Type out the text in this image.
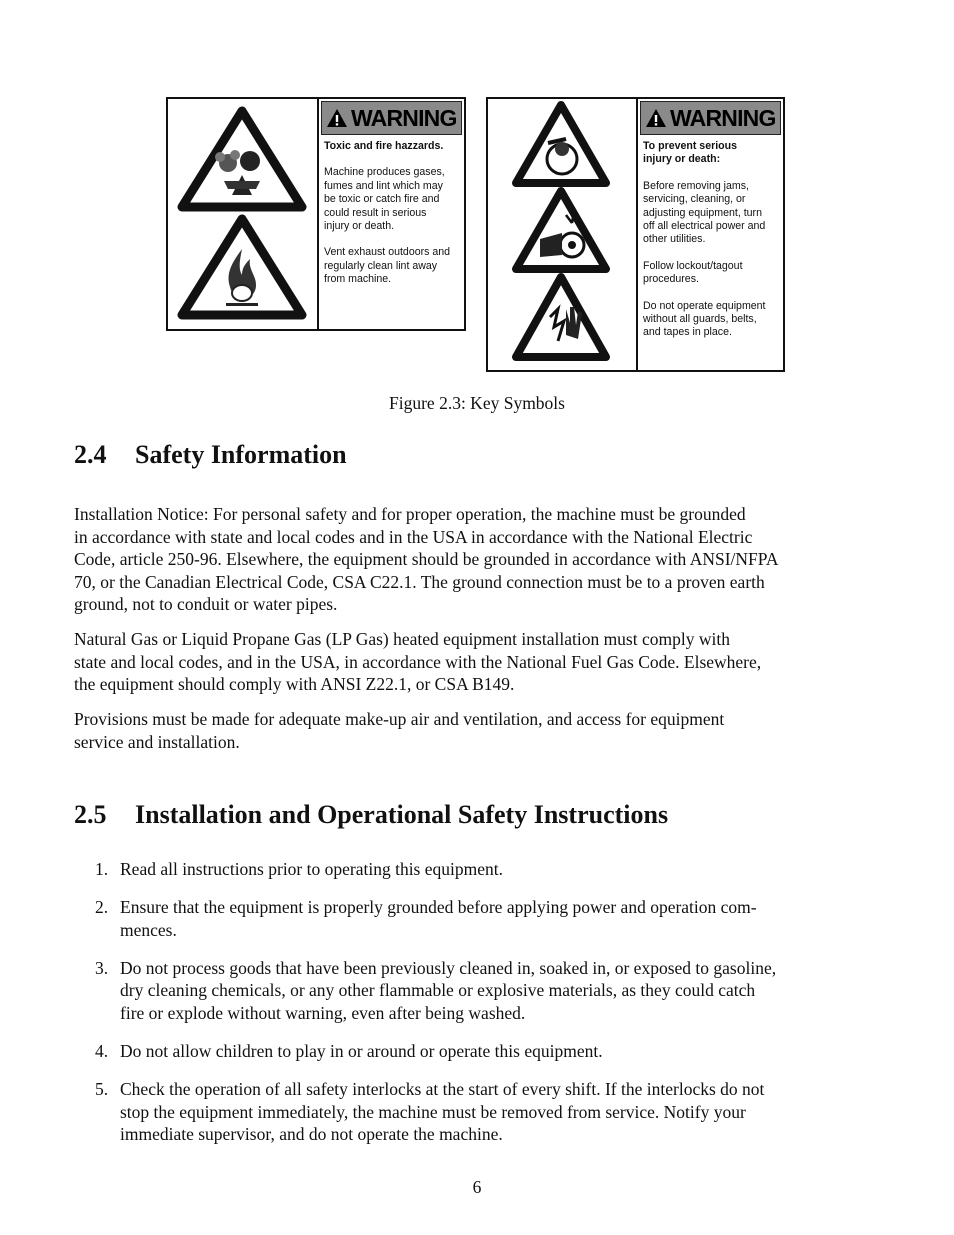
WARNING

Toxic and fire hazzards.

Machine produces gases,
fumes and lint which may
be toxic or catch fire and
could result in serious
injury or death.

Vent exhaust outdoors and
regularly clean lint away
from machine.

WARNING

To prevent serious
injury or death:

Before removing jams,
servicing, cleaning, or
adjusting equipment, turn
off all electrical power and
other utilities.

Follow lockout/tagout
procedures.

Do not operate equipment
without all guards, belts,
and tapes in place.

Figure 2.3: Key Symbols
2.4 Safety Information

Installation Notice: For personal safety and for proper operation, the machine must be grounded
in accordance with state and local codes and in the USA in accordance with the National Electric
Code, article 250-96. Elsewhere, the equipment should be grounded in accordance with ANSI/NFPA
70, or the Canadian Electrical Code, CSA C22.1. The ground connection must be to a proven earth
ground, not to conduit or water pipes.

Natural Gas or Liquid Propane Gas (LP Gas) heated equipment installation must comply with
state and local codes, and in the USA, in accordance with the National Fuel Gas Code. Elsewhere,
the equipment should comply with ANSI Z22.1, or CSA B149.

Provisions must be made for adequate make-up air and ventilation, and access for equipment
service and installation.

2.5 Installation and Operational Safety Instructions
1. Read all instructions prior to operating this equipment.
2. Ensure that the equipment is properly grounded before applying power and operation com-
mences.
3. Do not process goods that have been previously cleaned in, soaked in, or exposed to gasoline,
dry cleaning chemicals, or any other flammable or explosive materials, as they could catch
fire or explode without warning, even after being washed.
4. Do not allow children to play in or around or operate this equipment.
5. Check the operation of all safety interlocks at the start of every shift. If the interlocks do not
stop the equipment immediately, the machine must be removed from service. Notify your
immediate supervisor, and do not operate the machine.
6
